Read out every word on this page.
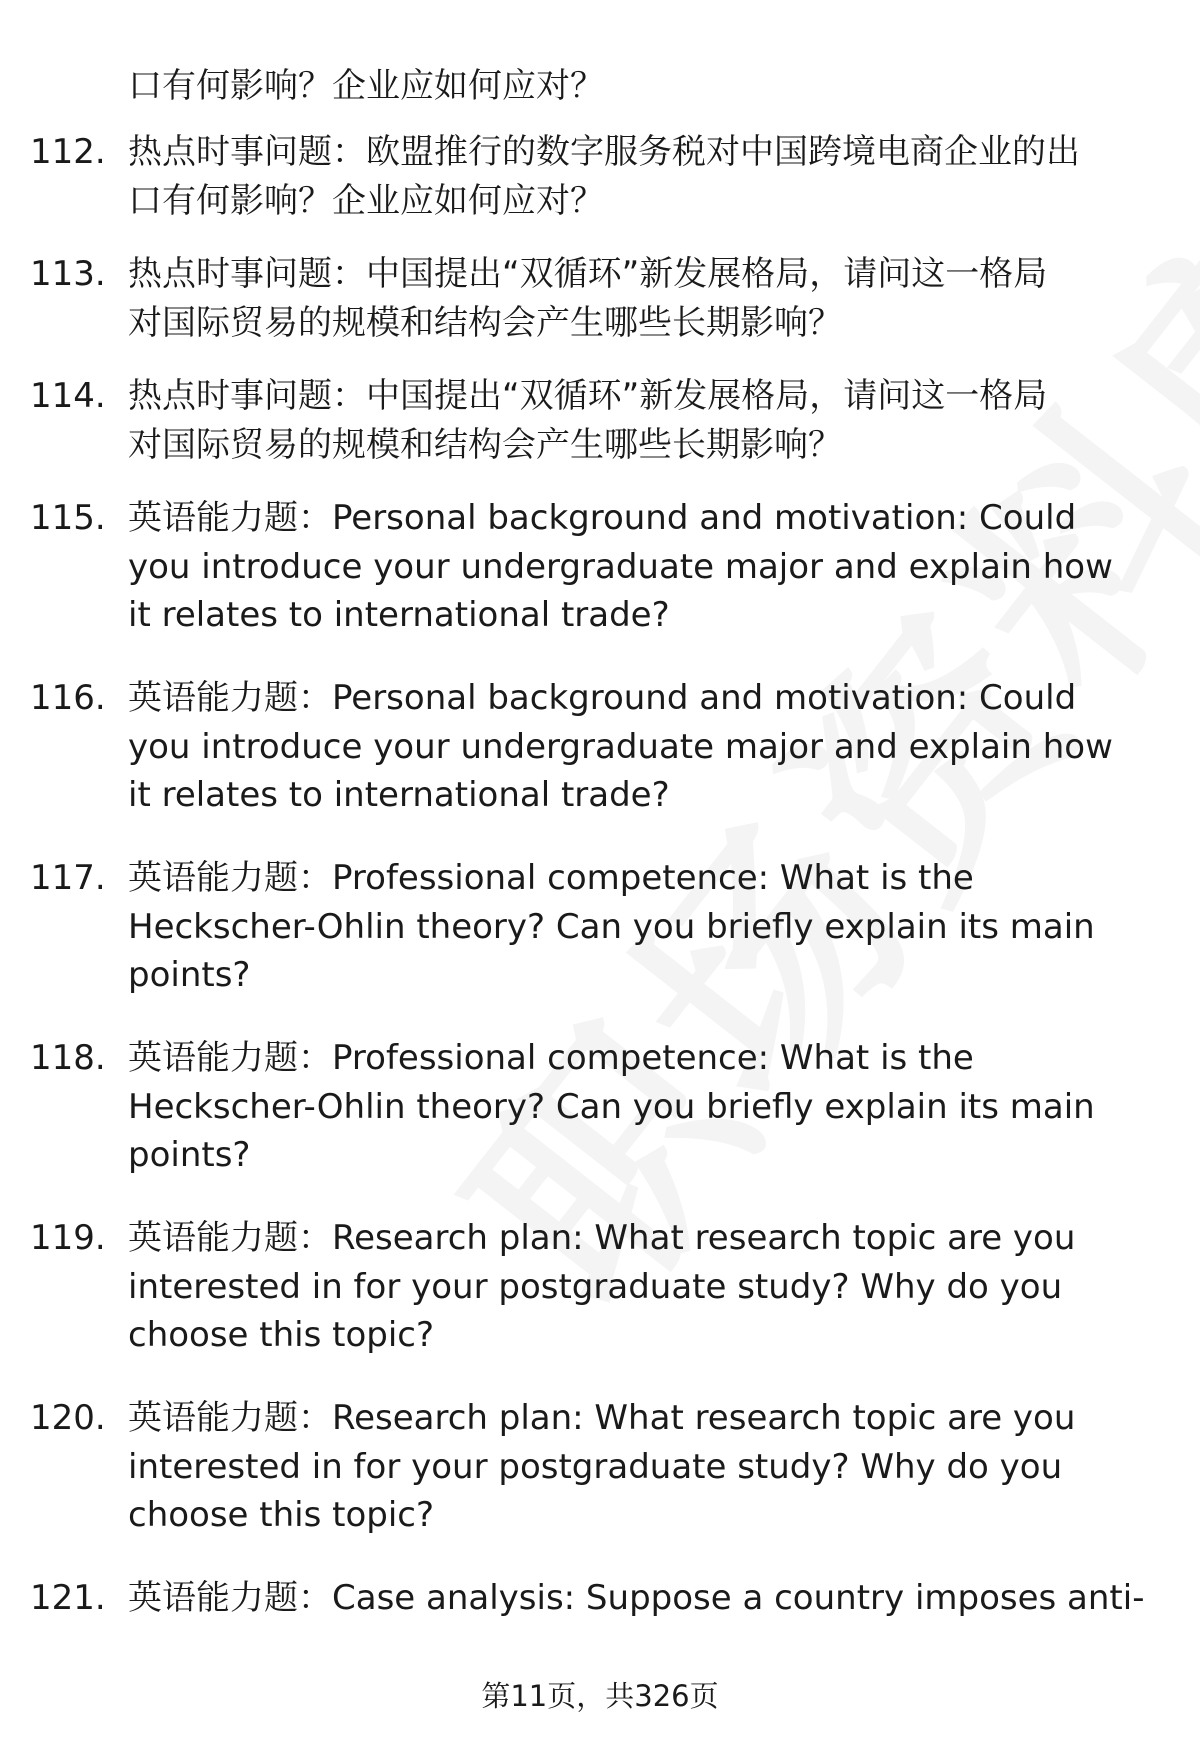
口有何影响？企业应如何应对？
112. 热点时事问题：欧盟推行的数字服务税对中国跨境电商企业的出
口有何影响？企业应如何应对？
113. 热点时事问题：中国提出“双循环”新发展格局，请问这一格局
对国际贸易的规模和结构会产生哪些长期影响？
114. 热点时事问题：中国提出“双循环”新发展格局，请问这一格局
对国际贸易的规模和结构会产生哪些长期影响？
115. 英语能力题：Personal background and motivation: Could
you introduce your undergraduate major and explain how
it relates to international trade?
116. 英语能力题：Personal background and motivation: Could
you introduce your undergraduate major and explain how
it relates to international trade?
117. 英语能力题：Professional competence: What is the
Heckscher-Ohlin theory? Can you briefly explain its main
points?
118. 英语能力题：Professional competence: What is the
Heckscher-Ohlin theory? Can you briefly explain its main
points?
119. 英语能力题：Research plan: What research topic are you
interested in for your postgraduate study? Why do you
choose this topic?
120. 英语能力题：Research plan: What research topic are you
interested in for your postgraduate study? Why do you
choose this topic?
121. 英语能力题：Case analysis: Suppose a country imposes anti-
第11页，共326页
